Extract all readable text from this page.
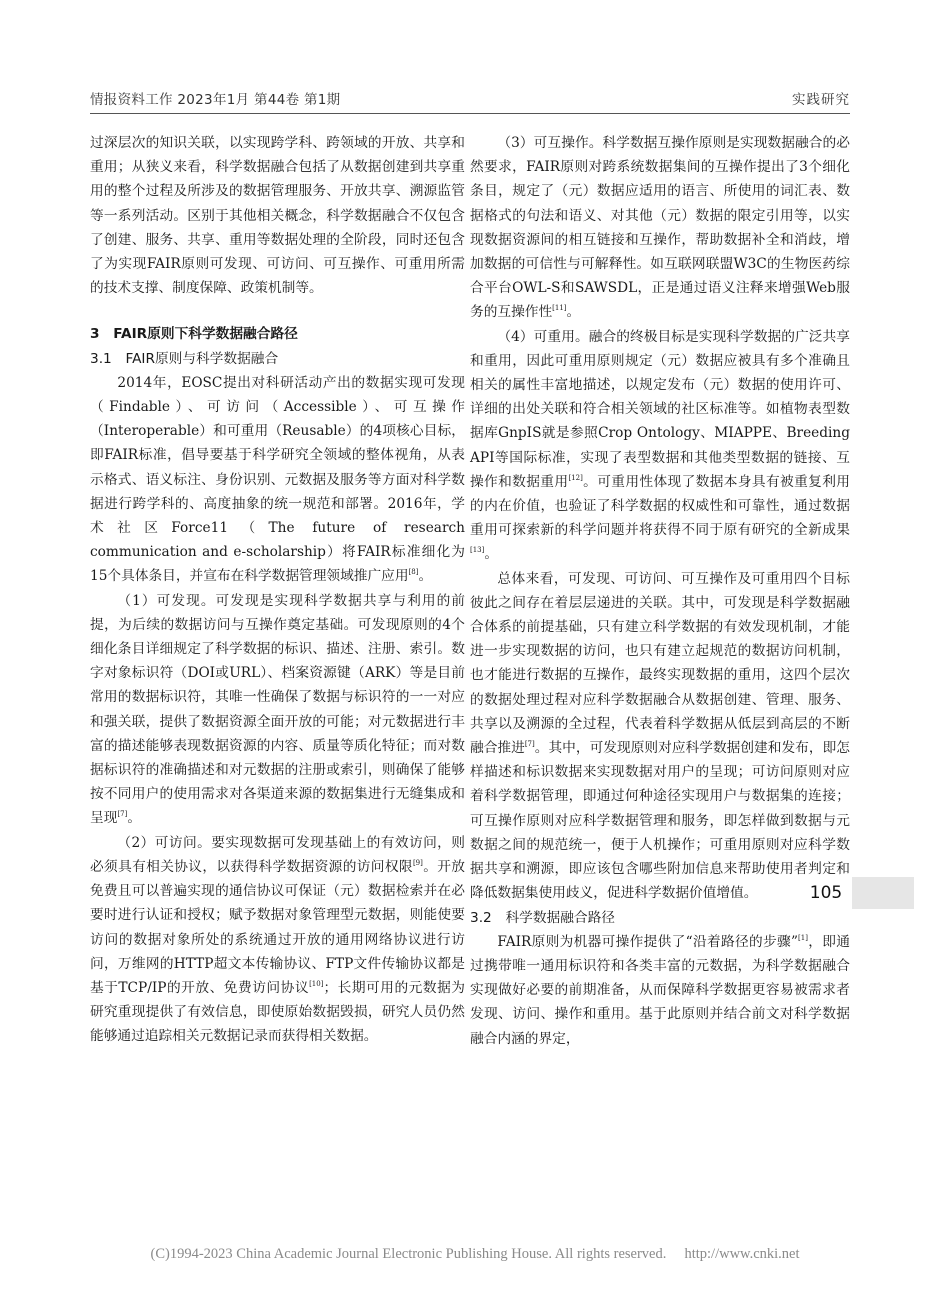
情报资料工作 2023年1月 第44卷 第1期	实践研究

过深层次的知识关联，以实现跨学科、跨领域的开放、共享和重用；从狭义来看，科学数据融合包括了从数据创建到共享重用的整个过程及所涉及的数据管理服务、开放共享、溯源监管等一系列活动。区别于其他相关概念，科学数据融合不仅包含了创建、服务、共享、重用等数据处理的全阶段，同时还包含了为实现FAIR原则可发现、可访问、可互操作、可重用所需的技术支撑、制度保障、政策机制等。

3　FAIR原则下科学数据融合路径
3.1　FAIR原则与科学数据融合

2014年，EOSC提出对科研活动产出的数据实现可发现（Findable）、可访问（Accessible）、可互操作（Interoperable）和可重用（Reusable）的4项核心目标，即FAIR标准，倡导要基于科学研究全领域的整体视角，从表示格式、语义标注、身份识别、元数据及服务等方面对科学数据进行跨学科的、高度抽象的统一规范和部署。2016年，学术社区Force11（The future of research communication and e-scholarship）将FAIR标准细化为15个具体条目，并宣布在科学数据管理领域推广应用[8]。

（1）可发现。可发现是实现科学数据共享与利用的前提，为后续的数据访问与互操作奠定基础。可发现原则的4个细化条目详细规定了科学数据的标识、描述、注册、索引。数字对象标识符（DOI或URL）、档案资源键（ARK）等是目前常用的数据标识符，其唯一性确保了数据与标识符的一一对应和强关联，提供了数据资源全面开放的可能；对元数据进行丰富的描述能够表现数据资源的内容、质量等质化特征；而对数据标识符的准确描述和对元数据的注册或索引，则确保了能够按不同用户的使用需求对各渠道来源的数据集进行无缝集成和呈现[7]。

（2）可访问。要实现数据可发现基础上的有效访问，则必须具有相关协议，以获得科学数据资源的访问权限[9]。开放免费且可以普遍实现的通信协议可保证（元）数据检索并在必要时进行认证和授权；赋予数据对象管理型元数据，则能使要访问的数据对象所处的系统通过开放的通用网络协议进行访问，万维网的HTTP超文本传输协议、FTP文件传输协议都是基于TCP/IP的开放、免费访问协议[10]；长期可用的元数据为研究重现提供了有效信息，即使原始数据毁损，研究人员仍然能够通过追踪相关元数据记录而获得相关数据。

（3）可互操作。科学数据互操作原则是实现数据融合的必然要求，FAIR原则对跨系统数据集间的互操作提出了3个细化条目，规定了（元）数据应适用的语言、所使用的词汇表、数据格式的句法和语义、对其他（元）数据的限定引用等，以实现数据资源间的相互链接和互操作，帮助数据补全和消歧，增加数据的可信性与可解释性。如互联网联盟W3C的生物医药综合平台OWL-S和SAWSDL，正是通过语义注释来增强Web服务的互操作性[11]。

（4）可重用。融合的终极目标是实现科学数据的广泛共享和重用，因此可重用原则规定（元）数据应被具有多个准确且相关的属性丰富地描述，以规定发布（元）数据的使用许可、详细的出处关联和符合相关领域的社区标准等。如植物表型数据库GnpIS就是参照Crop Ontology、MIAPPE、Breeding API等国际标准，实现了表型数据和其他类型数据的链接、互操作和数据重用[12]。可重用性体现了数据本身具有被重复利用的内在价值，也验证了科学数据的权威性和可靠性，通过数据重用可探索新的科学问题并将获得不同于原有研究的全新成果[13]。

总体来看，可发现、可访问、可互操作及可重用四个目标彼此之间存在着层层递进的关联。其中，可发现是科学数据融合体系的前提基础，只有建立科学数据的有效发现机制，才能进一步实现数据的访问，也只有建立起规范的数据访问机制，也才能进行数据的互操作，最终实现数据的重用，这四个层次的数据处理过程对应科学数据融合从数据创建、管理、服务、共享以及溯源的全过程，代表着科学数据从低层到高层的不断融合推进[7]。其中，可发现原则对应科学数据创建和发布，即怎样描述和标识数据来实现数据对用户的呈现；可访问原则对应着科学数据管理，即通过何种途径实现用户与数据集的连接；可互操作原则对应科学数据管理和服务，即怎样做到数据与元数据之间的规范统一，便于人机操作；可重用原则对应科学数据共享和溯源，即应该包含哪些附加信息来帮助使用者判定和降低数据集使用歧义，促进科学数据价值增值。

3.2　科学数据融合路径

FAIR原则为机器可操作提供了“沿着路径的步骤”[1]，即通过携带唯一通用标识符和各类丰富的元数据，为科学数据融合实现做好必要的前期准备，从而保障科学数据更容易被需求者发现、访问、操作和重用。基于此原则并结合前文对科学数据融合内涵的界定，

105
(C)1994-2023 China Academic Journal Electronic Publishing House. All rights reserved.　 http://www.cnki.net
